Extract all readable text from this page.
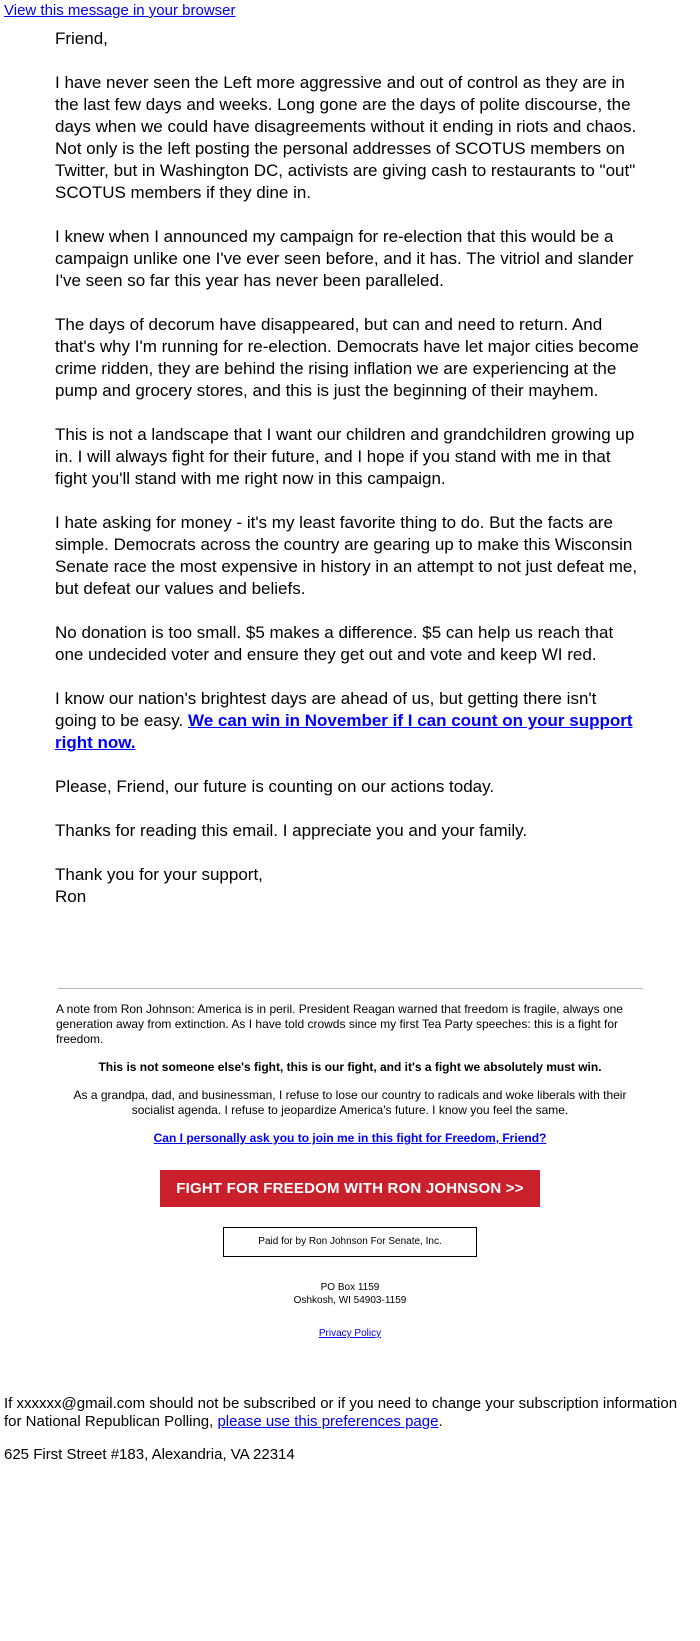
View this message in your browser

Friend,

I have never seen the Left more aggressive and out of control as they are in the last few days and weeks. Long gone are the days of polite discourse, the days when we could have disagreements without it ending in riots and chaos. Not only is the left posting the personal addresses of SCOTUS members on Twitter, but in Washington DC, activists are giving cash to restaurants to "out" SCOTUS members if they dine in.

I knew when I announced my campaign for re-election that this would be a campaign unlike one I've ever seen before, and it has. The vitriol and slander I've seen so far this year has never been paralleled.

The days of decorum have disappeared, but can and need to return. And that's why I'm running for re-election. Democrats have let major cities become crime ridden, they are behind the rising inflation we are experiencing at the pump and grocery stores, and this is just the beginning of their mayhem.

This is not a landscape that I want our children and grandchildren growing up in. I will always fight for their future, and I hope if you stand with me in that fight you'll stand with me right now in this campaign.

I hate asking for money - it's my least favorite thing to do. But the facts are simple. Democrats across the country are gearing up to make this Wisconsin Senate race the most expensive in history in an attempt to not just defeat me, but defeat our values and beliefs.

No donation is too small. $5 makes a difference. $5 can help us reach that one undecided voter and ensure they get out and vote and keep WI red.

I know our nation's brightest days are ahead of us, but getting there isn't going to be easy. We can win in November if I can count on your support right now.

Please, Friend, our future is counting on our actions today.

Thanks for reading this email. I appreciate you and your family.

Thank you for your support,
Ron

A note from Ron Johnson: America is in peril. President Reagan warned that freedom is fragile, always one generation away from extinction. As I have told crowds since my first Tea Party speeches: this is a fight for freedom.

This is not someone else's fight, this is our fight, and it's a fight we absolutely must win.

As a grandpa, dad, and businessman, I refuse to lose our country to radicals and woke liberals with their socialist agenda. I refuse to jeopardize America's future. I know you feel the same.

Can I personally ask you to join me in this fight for Freedom, Friend?

FIGHT FOR FREEDOM WITH RON JOHNSON >>
Paid for by Ron Johnson For Senate, Inc.
PO Box 1159
Oshkosh, WI 54903-1159
Privacy Policy

If xxxxxx@gmail.com should not be subscribed or if you need to change your subscription information for National Republican Polling, please use this preferences page.

625 First Street #183, Alexandria, VA 22314
